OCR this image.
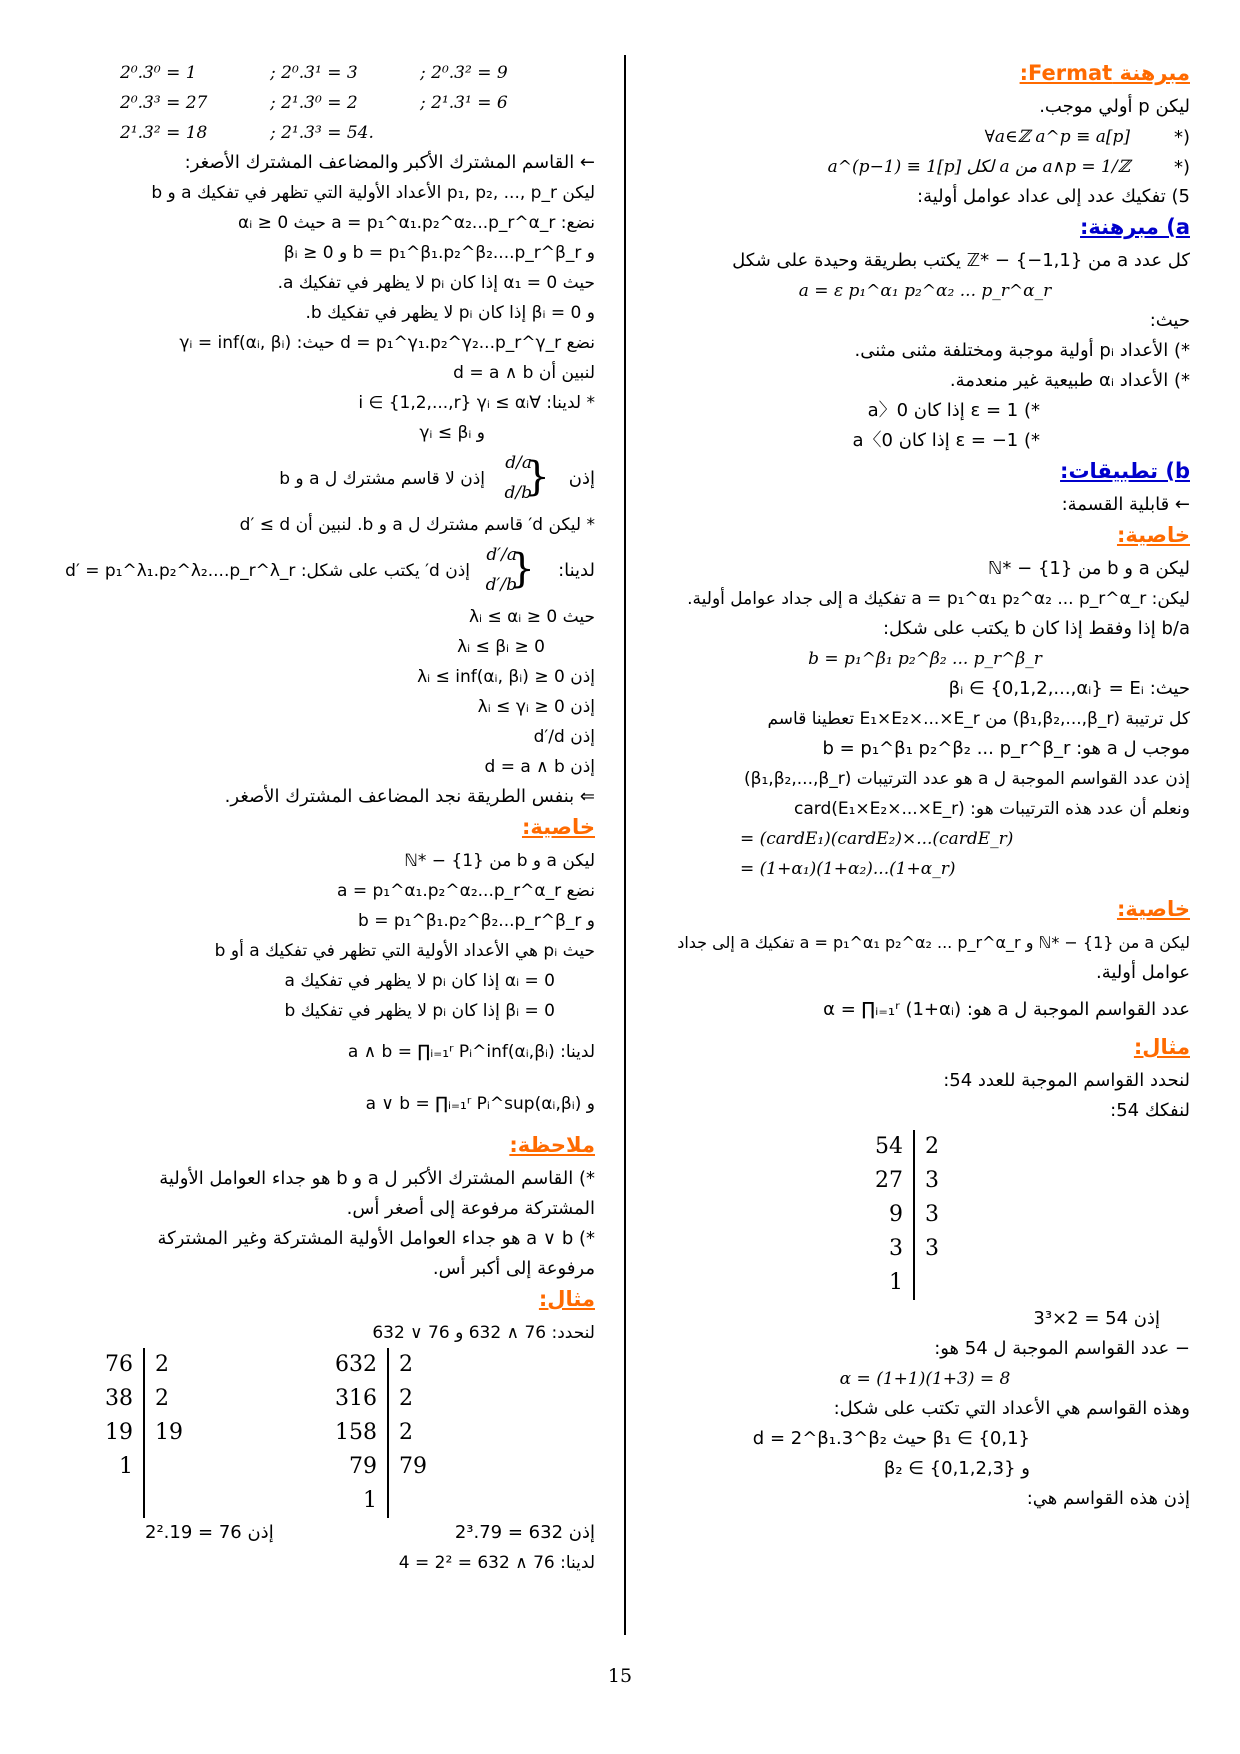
مبرهنة Fermat:
ليكن p أولي موجب.
(*
∀a∈ℤ a^p ≡ a[p]
(*
a∧p = 1/ℤ من a لكل a^(p−1) ≡ 1[p]
5) تفكيك عدد إلى عداد عوامل أولية:
a) مبرهنة:
كل عدد a من ℤ* − {−1,1} يكتب بطريقة وحيدة على شكل
a = ε p₁^α₁ p₂^α₂ ... p_r^α_r
حيث:
*) الأعداد pᵢ أولية موجبة ومختلفة مثنى مثنى.
*) الأعداد αᵢ طبيعية غير منعدمة.
*) ε = 1 إذا كان a〉0
*) ε = −1 إذا كان a〈0
b) تطبيقات:
← قابلية القسمة:
خاصية:
ليكن a و b من ℕ* − {1}
ليكن: a = p₁^α₁ p₂^α₂ ... p_r^α_r تفكيك a إلى جداد عوامل أولية.
b/a إذا وفقط إذا كان b يكتب على شكل:
b = p₁^β₁ p₂^β₂ ... p_r^β_r
حيث: βᵢ ∈ {0,1,2,...,αᵢ} = Eᵢ
كل ترتيبة (β₁,β₂,...,β_r) من E₁×E₂×...×E_r تعطينا قاسم
موجب ل a هو: b = p₁^β₁ p₂^β₂ ... p_r^β_r
إذن عدد القواسم الموجبة ل a هو عدد الترتيبات (β₁,β₂,...,β_r)
ونعلم أن عدد هذه الترتيبات هو: card(E₁×E₂×...×E_r)
= (cardE₁)(cardE₂)×...(cardE_r)
= (1+α₁)(1+α₂)...(1+α_r)
خاصية:
ليكن a من ℕ* − {1} و a = p₁^α₁ p₂^α₂ ... p_r^α_r تفكيك a إلى جداد
عوامل أولية.
عدد القواسم الموجبة ل a هو: α = ∏ᵢ₌₁ʳ (1+αᵢ)
مثال:
لنحدد القواسم الموجبة للعدد 54:
لنفكك 54:
54	2
27	3
9	3
3	3
1	
إذن 54 = 2×3³
− عدد القواسم الموجبة ل 54 هو:
α = (1+1)(1+3) = 8
وهذه القواسم هي الأعداد التي تكتب على شكل:
β₁ ∈ {0,1} حيث d = 2^β₁.3^β₂
و β₂ ∈ {0,1,2,3}
إذن هذه القواسم هي:
2⁰.3⁰ = 1	; 2⁰.3¹ = 3	; 2⁰.3² = 9
2⁰.3³ = 27	; 2¹.3⁰ = 2	; 2¹.3¹ = 6
2¹.3² = 18	; 2¹.3³ = 54.
← القاسم المشترك الأكبر والمضاعف المشترك الأصغر:
ليكن p₁, p₂, ..., p_r الأعداد الأولية التي تظهر في تفكيك a و b
نضع: a = p₁^α₁.p₂^α₂...p_r^α_r حيث 0 ≤ αᵢ
و b = p₁^β₁.p₂^β₂....p_r^β_r و 0 ≤ βᵢ
حيث α₁ = 0 إذا كان pᵢ لا يظهر في تفكيك a.
و βᵢ = 0 إذا كان pᵢ لا يظهر في تفكيك b.
نضع d = p₁^γ₁.p₂^γ₂...p_r^γ_r حيث: γᵢ = inf(αᵢ, βᵢ)
لنبين أن d = a ∧ b
* لدينا: ∀i ∈ {1,2,...,r} γᵢ ≤ αᵢ
و γᵢ ≤ βᵢ
إذن
{
d/a
d/b
إذن لا قاسم مشترك ل a و b
* ليكن d′ قاسم مشترك ل a و b. لنبين أن d′ ≤ d
لدينا:
{
d′/a
d′/b
إذن d′ يكتب على شكل: d′ = p₁^λ₁.p₂^λ₂....p_r^λ_r
حيث 0 ≤ λᵢ ≤ αᵢ
0 ≤ λᵢ ≤ βᵢ
إذن 0 ≤ λᵢ ≤ inf(αᵢ, βᵢ)
إذن 0 ≤ λᵢ ≤ γᵢ
إذن d′/d
إذن d = a ∧ b
⇐ بنفس الطريقة نجد المضاعف المشترك الأصغر.
خاصية:
ليكن a و b من ℕ* − {1}
نضع a = p₁^α₁.p₂^α₂...p_r^α_r
و b = p₁^β₁.p₂^β₂...p_r^β_r
حيث pᵢ هي الأعداد الأولية التي تظهر في تفكيك a أو b
αᵢ = 0 إذا كان pᵢ لا يظهر في تفكيك a
βᵢ = 0 إذا كان pᵢ لا يظهر في تفكيك b
لدينا: a ∧ b = ∏ᵢ₌₁ʳ Pᵢ^inf(αᵢ,βᵢ)
و a ∨ b = ∏ᵢ₌₁ʳ Pᵢ^sup(αᵢ,βᵢ)
ملاحظة:
*) القاسم المشترك الأكبر ل a و b هو جداء العوامل الأولية
المشتركة مرفوعة إلى أصغر أس.
*) a ∨ b هو جداء العوامل الأولية المشتركة وغير المشتركة
مرفوعة إلى أكبر أس.
مثال:
لنحدد: 76 ∧ 632 و 76 ∨ 632
76	2
38	2
19	19
1	

632	2
316	2
158	2
79	79
1	
إذن 76 = 2².19	إذن 632 = 2³.79
لدينا: 76 ∧ 632 = 2² = 4
15
